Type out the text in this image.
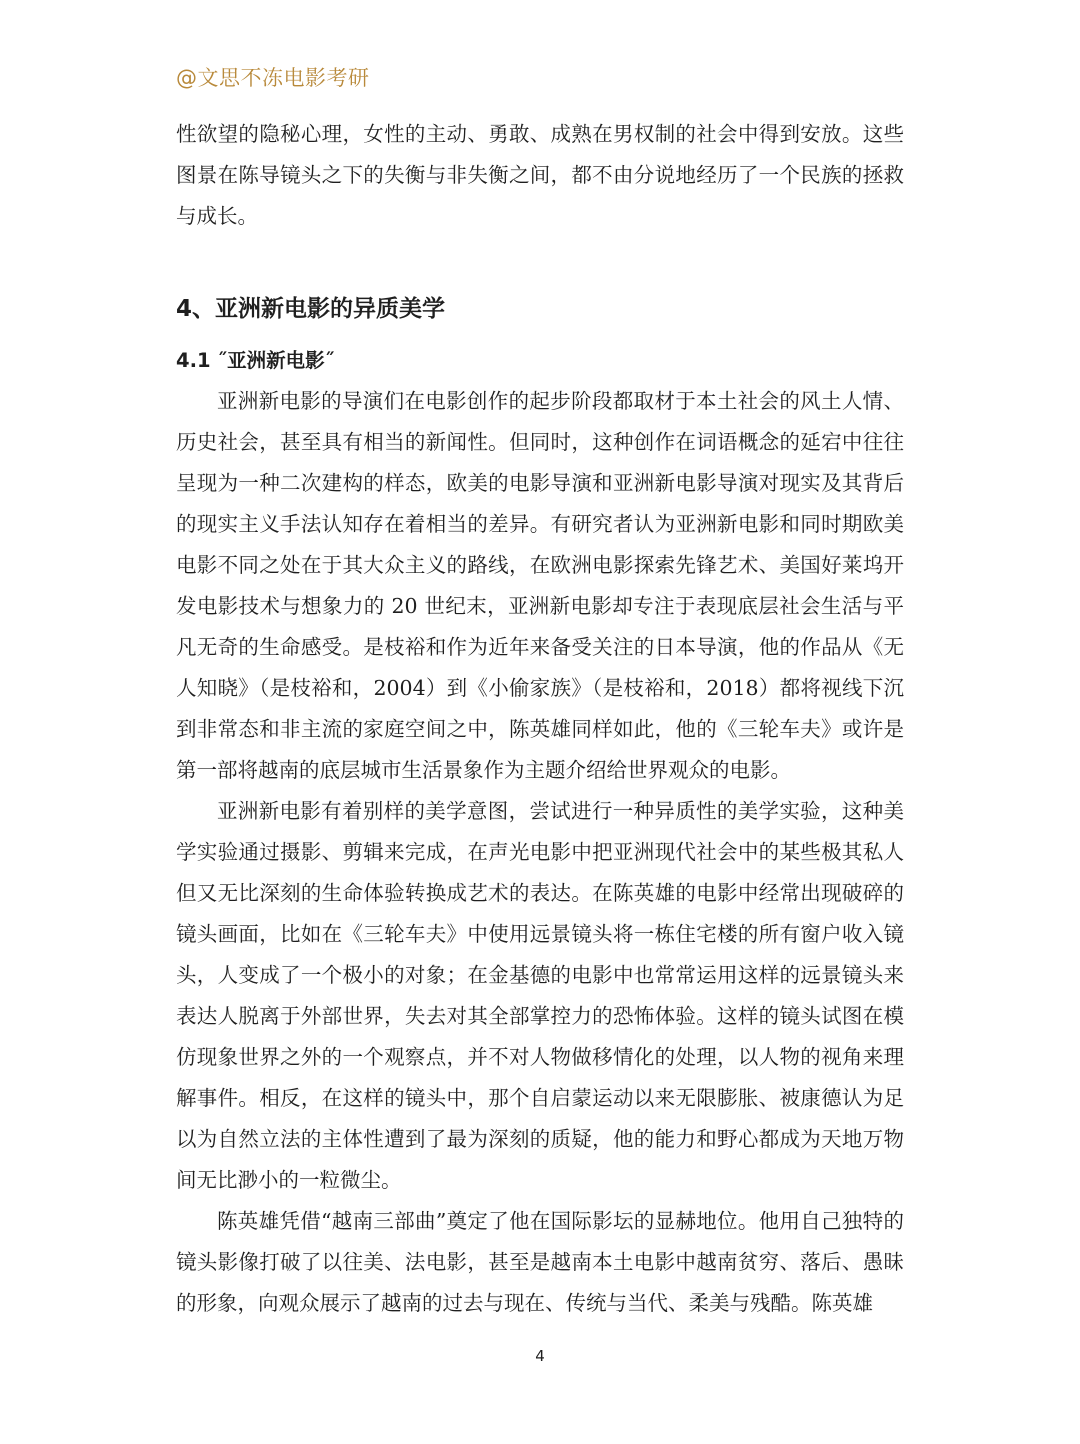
@文思不冻电影考研

性欲望的隐秘心理，女性的主动、勇敢、成熟在男权制的社会中得到安放。这些图景在陈导镜头之下的失衡与非失衡之间，都不由分说地经历了一个民族的拯救与成长。

4、亚洲新电影的异质美学
4.1 ˝亚洲新电影˝

亚洲新电影的导演们在电影创作的起步阶段都取材于本土社会的风土人情、历史社会，甚至具有相当的新闻性。但同时，这种创作在词语概念的延宕中往往呈现为一种二次建构的样态，欧美的电影导演和亚洲新电影导演对现实及其背后的现实主义手法认知存在着相当的差异。有研究者认为亚洲新电影和同时期欧美电影不同之处在于其大众主义的路线，在欧洲电影探索先锋艺术、美国好莱坞开发电影技术与想象力的 20 世纪末，亚洲新电影却专注于表现底层社会生活与平凡无奇的生命感受。是枝裕和作为近年来备受关注的日本导演，他的作品从《无人知晓》（是枝裕和，2004）到《小偷家族》（是枝裕和，2018）都将视线下沉到非常态和非主流的家庭空间之中，陈英雄同样如此，他的《三轮车夫》或许是第一部将越南的底层城市生活景象作为主题介绍给世界观众的电影。

亚洲新电影有着别样的美学意图，尝试进行一种异质性的美学实验，这种美学实验通过摄影、剪辑来完成，在声光电影中把亚洲现代社会中的某些极其私人但又无比深刻的生命体验转换成艺术的表达。在陈英雄的电影中经常出现破碎的镜头画面，比如在《三轮车夫》中使用远景镜头将一栋住宅楼的所有窗户收入镜头，人变成了一个极小的对象；在金基德的电影中也常常运用这样的远景镜头来表达人脱离于外部世界，失去对其全部掌控力的恐怖体验。这样的镜头试图在模仿现象世界之外的一个观察点，并不对人物做移情化的处理，以人物的视角来理解事件。相反，在这样的镜头中，那个自启蒙运动以来无限膨胀、被康德认为足以为自然立法的主体性遭到了最为深刻的质疑，他的能力和野心都成为天地万物间无比渺小的一粒微尘。

陈英雄凭借“越南三部曲”奠定了他在国际影坛的显赫地位。他用自己独特的镜头影像打破了以往美、法电影，甚至是越南本土电影中越南贫穷、落后、愚昧的形象，向观众展示了越南的过去与现在、传统与当代、柔美与残酷。陈英雄

4
